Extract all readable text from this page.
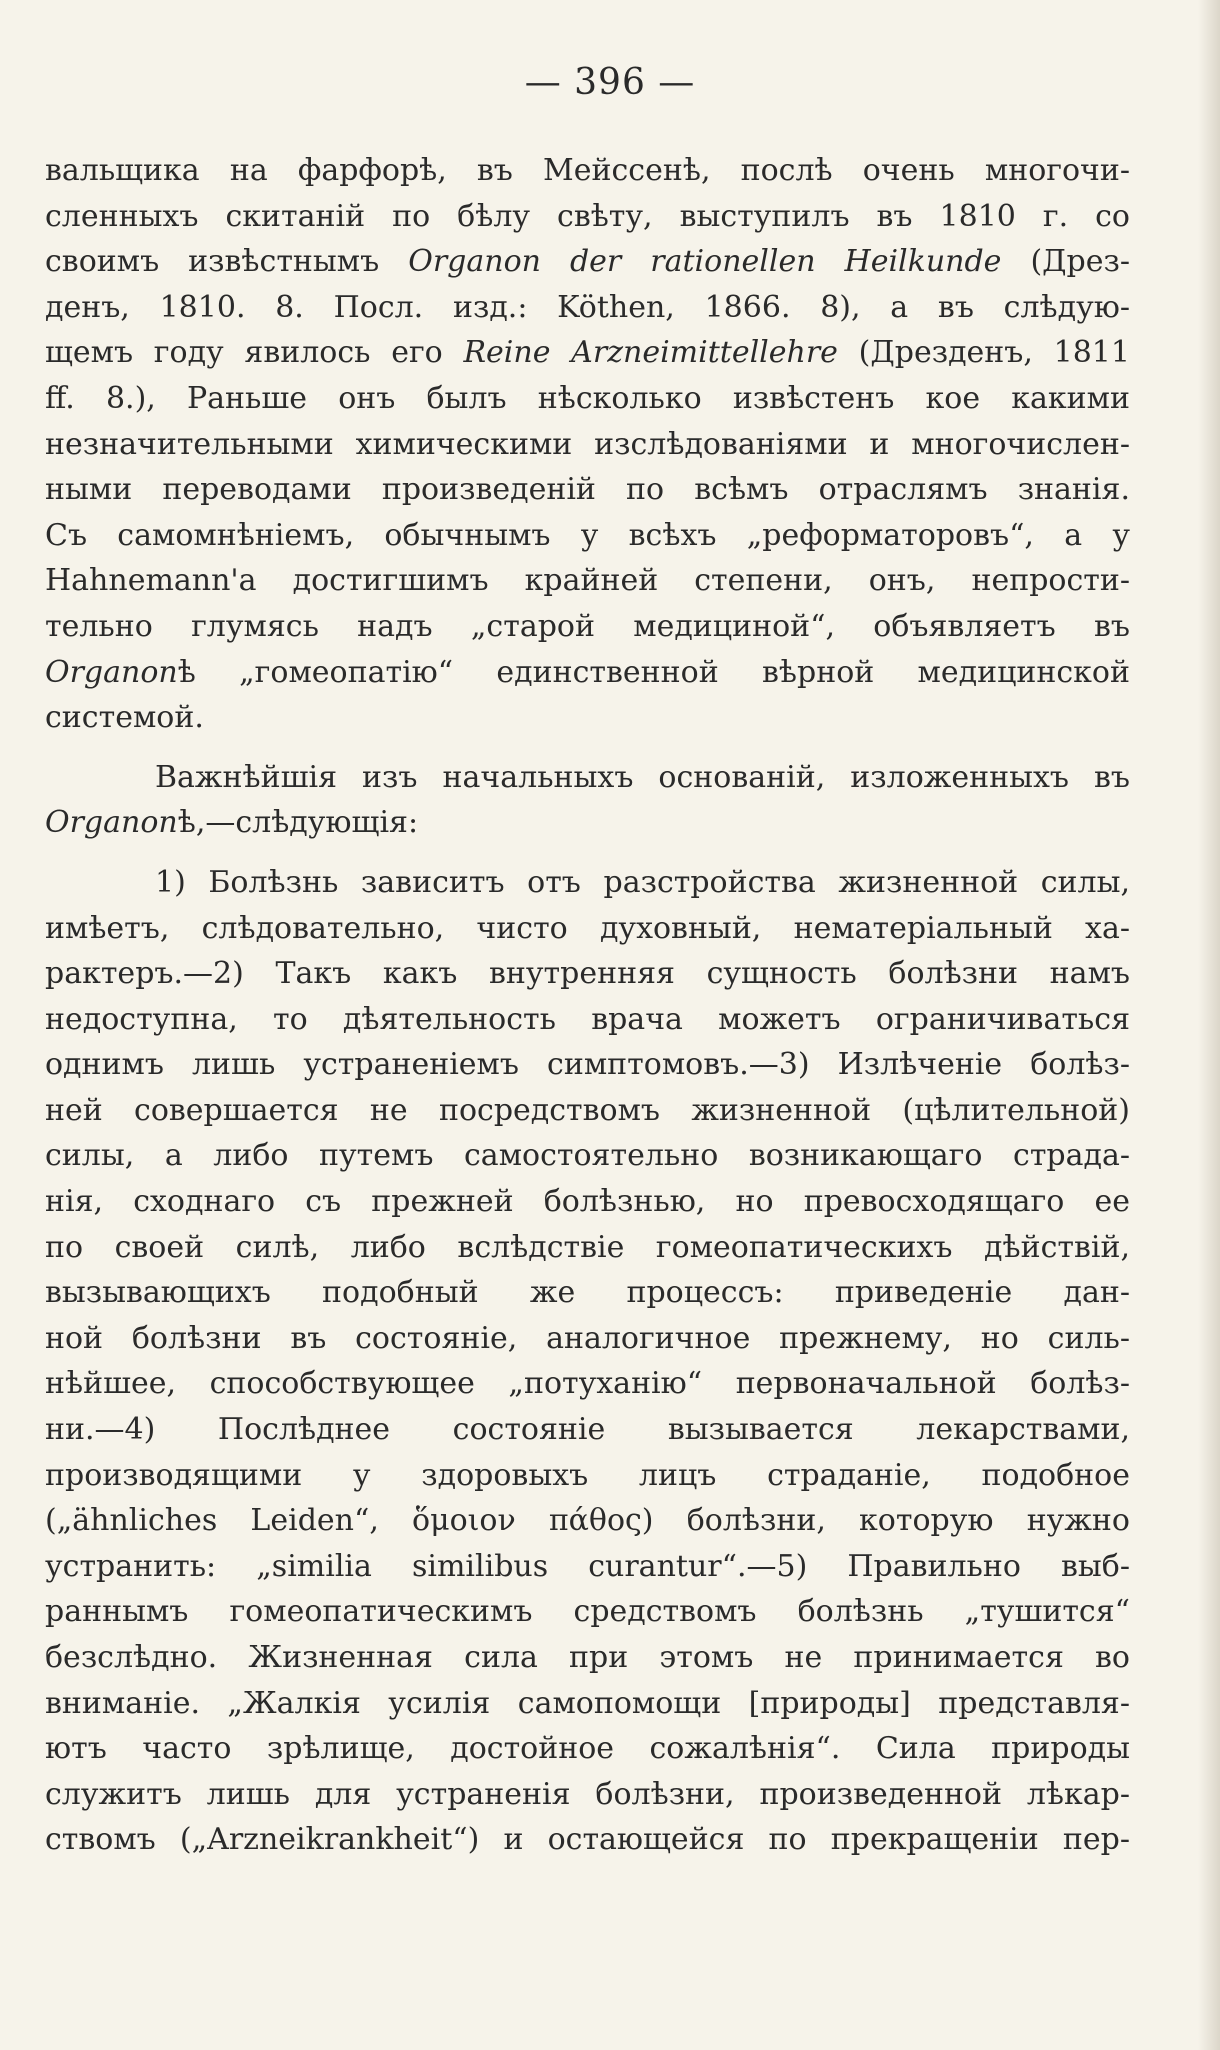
— 396 —
вальщика на фарфорѣ, въ Мейссенѣ, послѣ очень многочи-
сленныхъ скитаній по бѣлу свѣту, выступилъ въ 1810 г. со
своимъ извѣстнымъ Organon der rationellen Heilkunde (Дрез-
денъ, 1810. 8. Посл. изд.: Köthen, 1866. 8), а въ слѣдую-
щемъ году явилось его Reine Arzneimittellehre (Дрезденъ, 1811
ff. 8.), Раньше онъ былъ нѣсколько извѣстенъ кое какими
незначительными химическими изслѣдованіями и многочислен-
ными переводами произведеній по всѣмъ отраслямъ знанія.
Съ самомнѣніемъ, обычнымъ у всѣхъ „реформаторовъ“, а у
Hahnemann'a достигшимъ крайней степени, онъ, непрости-
тельно глумясь надъ „старой медициной“, объявляетъ въ
Organonѣ „гомеопатію“ единственной вѣрной медицинской
системой.
Важнѣйшія изъ начальныхъ основаній, изложенныхъ въ
Organonѣ,—слѣдующія:
1) Болѣзнь зависитъ отъ разстройства жизненной силы,
имѣетъ, слѣдовательно, чисто духовный, нематеріальный ха-
рактеръ.—2) Такъ какъ внутренняя сущность болѣзни намъ
недоступна, то дѣятельность врача можетъ ограничиваться
однимъ лишь устраненіемъ симптомовъ.—3) Излѣченіе болѣз-
ней совершается не посредствомъ жизненной (цѣлительной)
силы, а либо путемъ самостоятельно возникающаго страда-
нія, сходнаго съ прежней болѣзнью, но превосходящаго ее
по своей силѣ, либо вслѣдствіе гомеопатическихъ дѣйствій,
вызывающихъ подобный же процессъ: приведеніе дан-
ной болѣзни въ состояніе, аналогичное прежнему, но силь-
нѣйшее, способствующее „потуханію“ первоначальной болѣз-
ни.—4) Послѣднее состояніе вызывается лекарствами,
производящими у здоровыхъ лицъ страданіе, подобное
(„ähnliches Leiden“, ὅμοιον πάθος) болѣзни, которую нужно
устранить: „similia similibus curantur“.—5) Правильно выб-
раннымъ гомеопатическимъ средствомъ болѣзнь „тушится“
безслѣдно. Жизненная сила при этомъ не принимается во
вниманіе. „Жалкія усилія самопомощи [природы] представля-
ютъ часто зрѣлище, достойное сожалѣнія“. Сила природы
служитъ лишь для устраненія болѣзни, произведенной лѣкар-
ствомъ („Arzneikrankheit“) и остающейся по прекращеніи пер-
